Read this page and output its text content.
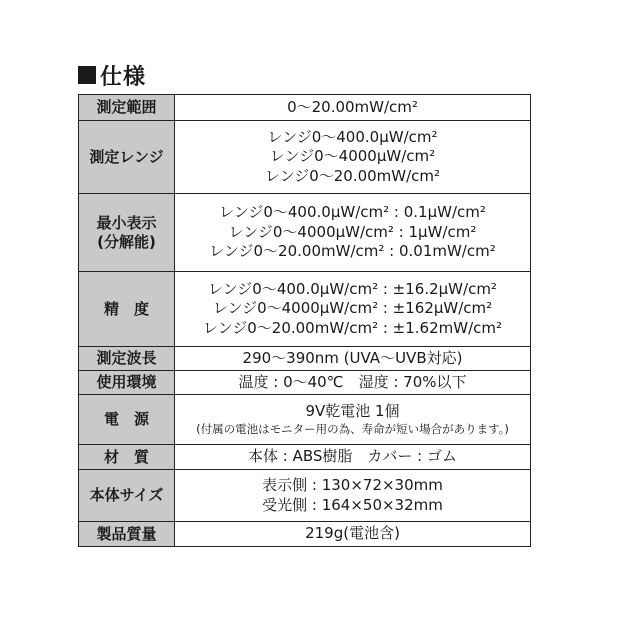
仕様
測定範囲	0～20.00mW/cm²

測定レンジ	レンジ0～400.0μW/cm²
レンジ0～4000μW/cm²
レンジ0～20.00mW/cm²

最小表示
(分解能)	レンジ0～400.0μW/cm² : 0.1μW/cm²
レンジ0～4000μW/cm² : 1μW/cm²
レンジ0～20.00mW/cm² : 0.01mW/cm²

精　度	レンジ0～400.0μW/cm² : ±16.2μW/cm²
レンジ0～4000μW/cm² : ±162μW/cm²
レンジ0～20.00mW/cm² : ±1.62mW/cm²

測定波長	290～390nm (UVA～UVB対応)

使用環境	温度 : 0～40℃　湿度 : 70%以下

電　源	9V乾電池 1個
(付属の電池はモニター用の為、寿命が短い場合があります。)

材　質	本体 : ABS樹脂　カバー : ゴム

本体サイズ	表示側 : 130×72×30mm
受光側 : 164×50×32mm

製品質量	219g(電池含)
